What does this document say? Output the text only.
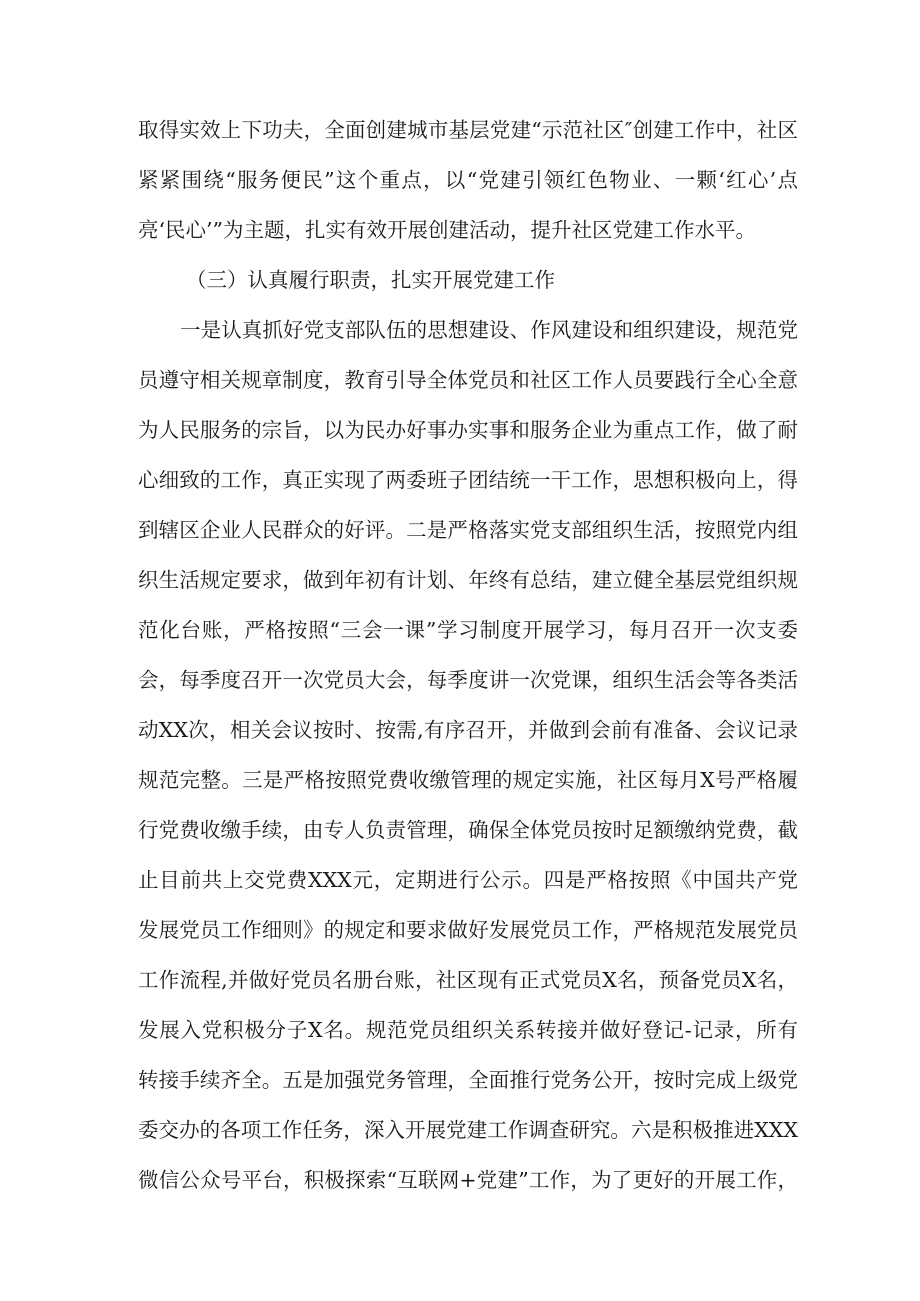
取得实效上下功夫，全面创建城市基层党建“示范社区″创建工作中，社区
紧紧围绕“服务便民”这个重点，以“党建引领红色物业、一颗‘红心’点
亮‘民心’”为主题，扎实有效开展创建活动，提升社区党建工作水平。
（三）认真履行职责，扎实开展党建工作
一是认真抓好党支部队伍的思想建设、作风建设和组织建设，规范党
员遵守相关规章制度，教育引导全体党员和社区工作人员要践行全心全意
为人民服务的宗旨，以为民办好事办实事和服务企业为重点工作，做了耐
心细致的工作，真正实现了两委班子团结统一干工作，思想积极向上，得
到辖区企业人民群众的好评。二是严格落实党支部组织生活，按照党内组
织生活规定要求，做到年初有计划、年终有总结，建立健全基层党组织规
范化台账，严格按照“三会一课”学习制度开展学习，每月召开一次支委
会，每季度召开一次党员大会，每季度讲一次党课，组织生活会等各类活
动XX次，相关会议按时、按需,有序召开，并做到会前有准备、会议记录
规范完整。三是严格按照党费收缴管理的规定实施，社区每月X号严格履
行党费收缴手续，由专人负责管理，确保全体党员按时足额缴纳党费，截
止目前共上交党费XXX元，定期进行公示。四是严格按照《中国共产党
发展党员工作细则》的规定和要求做好发展党员工作，严格规范发展党员
工作流程,并做好党员名册台账，社区现有正式党员X名，预备党员X名，
发展入党积极分子X名。规范党员组织关系转接并做好登记-记录，所有
转接手续齐全。五是加强党务管理，全面推行党务公开，按时完成上级党
委交办的各项工作任务，深入开展党建工作调查研究。六是积极推进XXX
微信公众号平台，积极探索“互联网+党建”工作，为了更好的开展工作，
